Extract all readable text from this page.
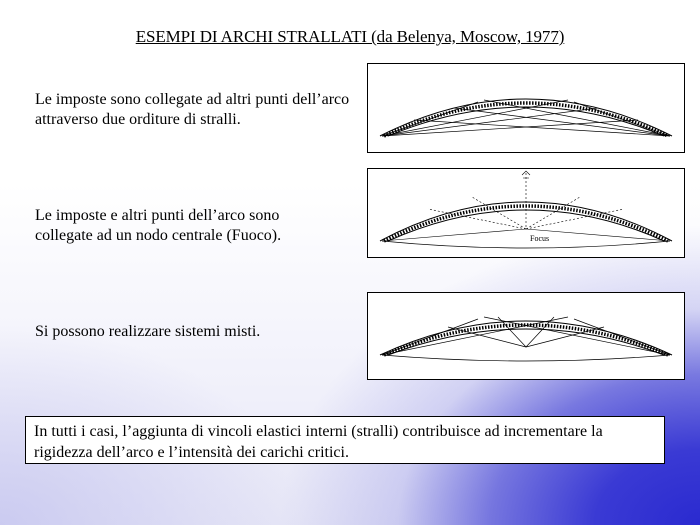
ESEMPI DI ARCHI STRALLATI (da Belenya, Moscow, 1977)
Le imposte sono collegate ad altri punti dell’arco attraverso due orditure di stralli.
Le imposte e altri punti dell’arco sono collegate ad un nodo centrale (Fuoco).	Focus
Si possono realizzare sistemi misti.
In tutti i casi, l’aggiunta di vincoli elastici interni (stralli) contribuisce ad incrementare la rigidezza dell’arco e l’intensità dei carichi critici.
